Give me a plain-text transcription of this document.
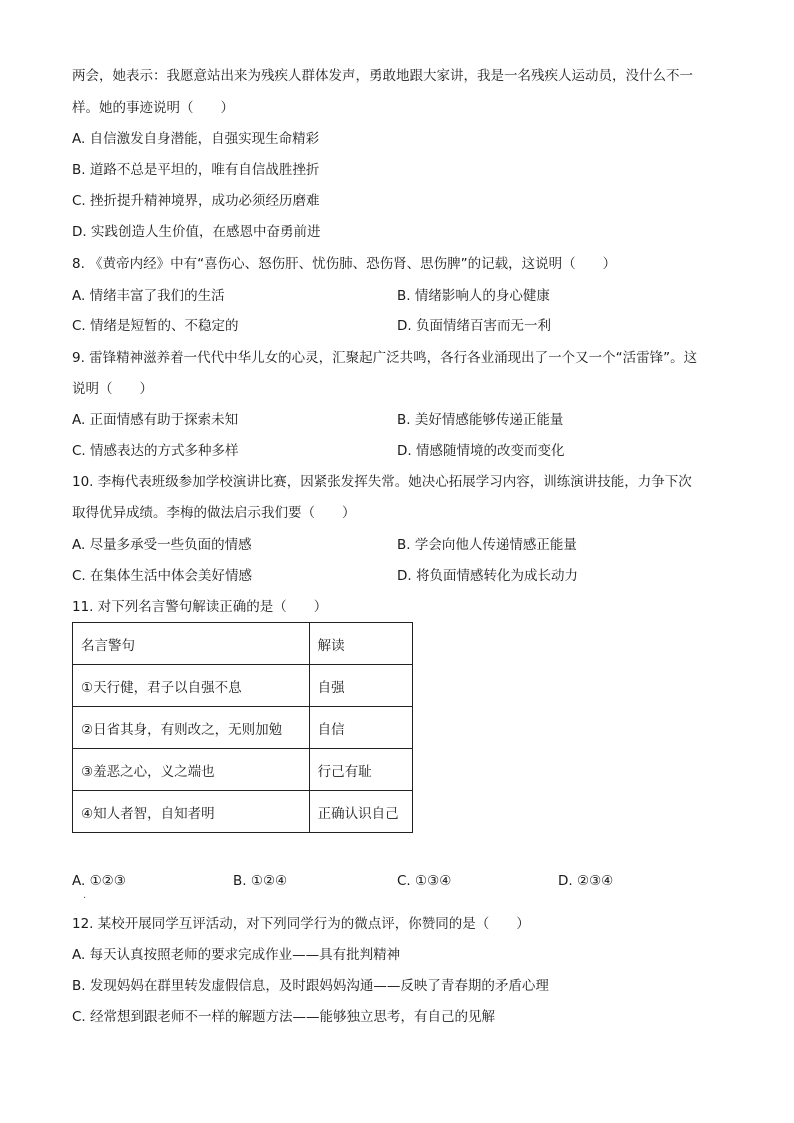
两会，她表示：我愿意站出来为残疾人群体发声，勇敢地跟大家讲，我是一名残疾人运动员，没什么不一
样。她的事迹说明（　　）
A. 自信激发自身潜能，自强实现生命精彩
B. 道路不总是平坦的，唯有自信战胜挫折
C. 挫折提升精神境界，成功必须经历磨难
D. 实践创造人生价值，在感恩中奋勇前进
8. 《黄帝内经》中有“喜伤心、怒伤肝、忧伤肺、恐伤肾、思伤脾”的记载，这说明（　　）
A. 情绪丰富了我们的生活	B. 情绪影响人的身心健康
C. 情绪是短暂的、不稳定的	D. 负面情绪百害而无一利
9. 雷锋精神滋养着一代代中华儿女的心灵，汇聚起广泛共鸣，各行各业涌现出了一个又一个“活雷锋”。这
说明（　　）
A. 正面情感有助于探索未知	B. 美好情感能够传递正能量
C. 情感表达的方式多种多样	D. 情感随情境的改变而变化
10. 李梅代表班级参加学校演讲比赛，因紧张发挥失常。她决心拓展学习内容，训练演讲技能，力争下次
取得优异成绩。李梅的做法启示我们要（　　）
A. 尽量多承受一些负面的情感	B. 学会向他人传递情感正能量
C. 在集体生活中体会美好情感	D. 将负面情感转化为成长动力
11. 对下列名言警句解读正确的是（　　）
名言警句	解读
①天行健，君子以自强不息	自强
②日省其身，有则改之，无则加勉	自信
③羞恶之心，义之端也	行己有耻
④知人者智，自知者明	正确认识自己
A. ①②③	B. ①②④	C. ①③④	D. ②③④
.
12. 某校开展同学互评活动，对下列同学行为的微点评，你赞同的是（　　）
A. 每天认真按照老师的要求完成作业——具有批判精神
B. 发现妈妈在群里转发虚假信息，及时跟妈妈沟通——反映了青春期的矛盾心理
C. 经常想到跟老师不一样的解题方法——能够独立思考，有自己的见解
